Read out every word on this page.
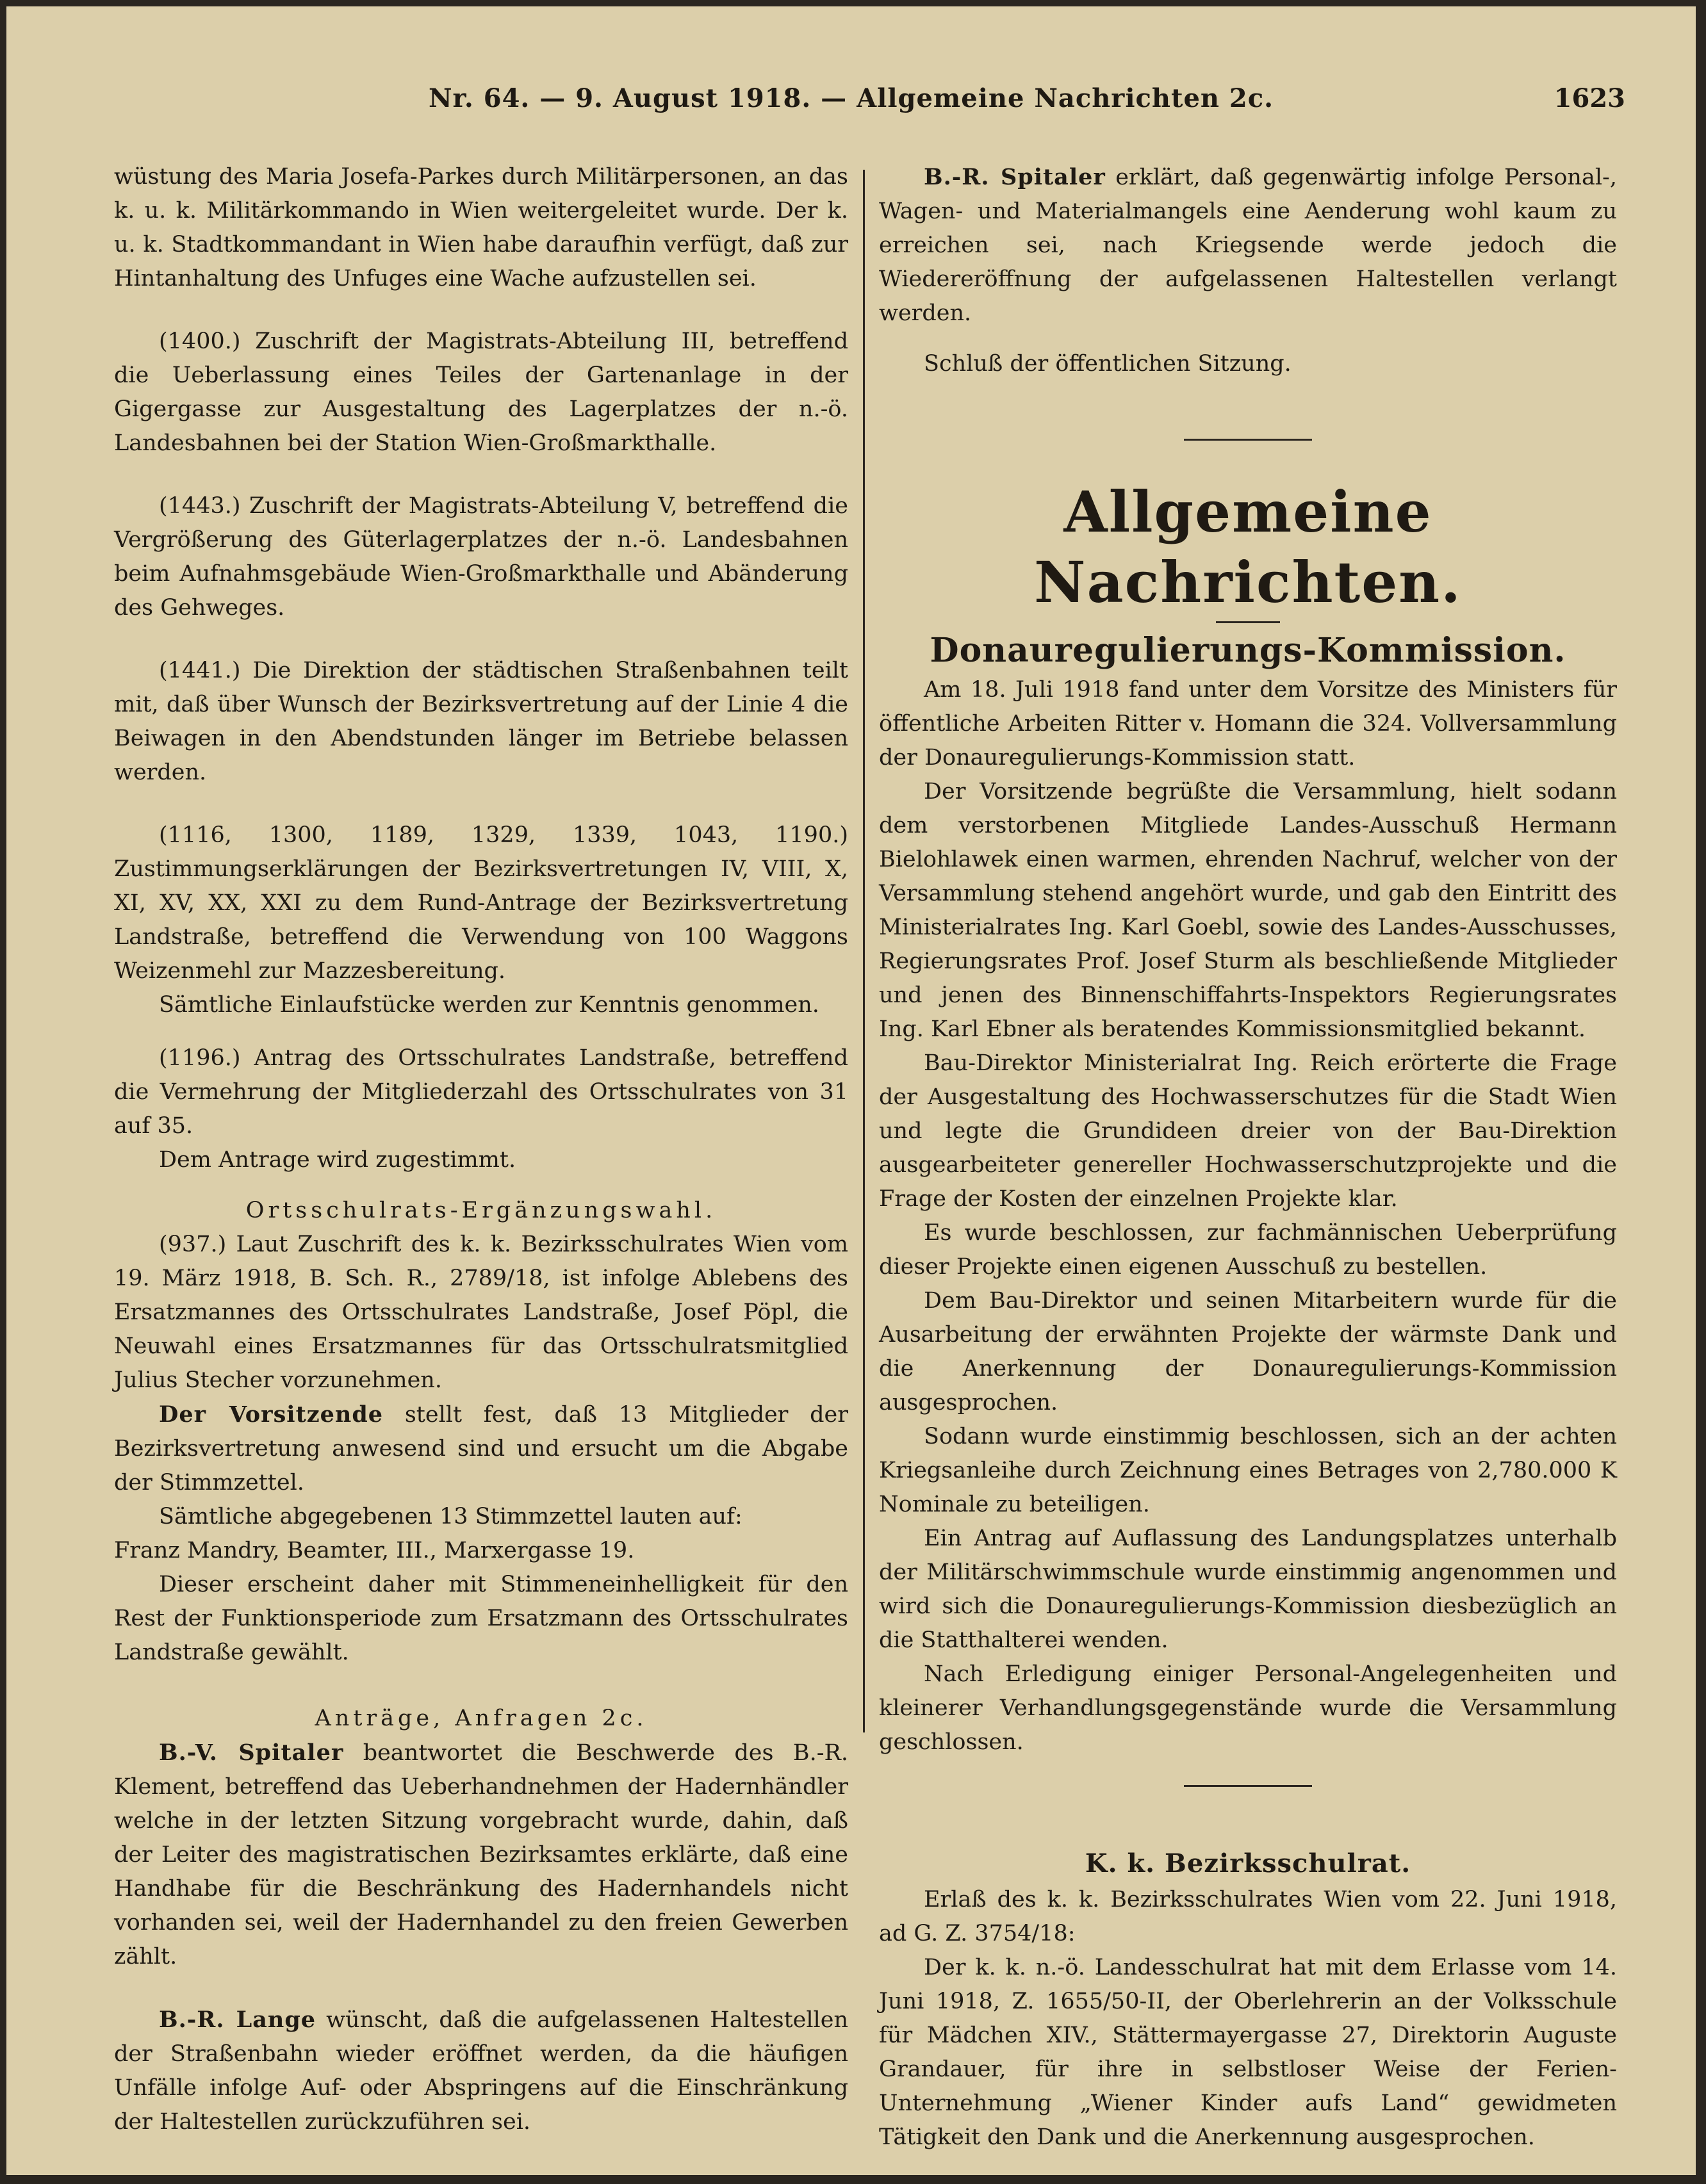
Nr. 64. — 9. August 1918. — Allgemeine Nachrichten 2c.	1623

wüstung des Maria Josefa-Parkes durch Militärpersonen, an das k. u. k. Militärkommando in Wien weitergeleitet wurde. Der k. u. k. Stadtkommandant in Wien habe daraufhin verfügt, daß zur Hintanhaltung des Unfuges eine Wache aufzustellen sei.

(1400.) Zuschrift der Magistrats-Abteilung III, betreffend die Ueberlassung eines Teiles der Gartenanlage in der Gigergasse zur Ausgestaltung des Lagerplatzes der n.-ö. Landesbahnen bei der Station Wien-Großmarkthalle.

(1443.) Zuschrift der Magistrats-Abteilung V, betreffend die Vergrößerung des Güterlagerplatzes der n.-ö. Landesbahnen beim Aufnahmsgebäude Wien-Großmarkthalle und Abänderung des Gehweges.

(1441.) Die Direktion der städtischen Straßenbahnen teilt mit, daß über Wunsch der Bezirksvertretung auf der Linie 4 die Beiwagen in den Abendstunden länger im Betriebe belassen werden.

(1116, 1300, 1189, 1329, 1339, 1043, 1190.) Zustimmungserklärungen der Bezirksvertretungen IV, VIII, X, XI, XV, XX, XXI zu dem Rund-Antrage der Bezirksvertretung Landstraße, betreffend die Verwendung von 100 Waggons Weizenmehl zur Mazzesbereitung.

Sämtliche Einlaufstücke werden zur Kenntnis genommen.

(1196.) Antrag des Ortsschulrates Landstraße, betreffend die Vermehrung der Mitgliederzahl des Ortsschulrates von 31 auf 35.

Dem Antrage wird zugestimmt.

Ortsschulrats-Ergänzungswahl.

(937.) Laut Zuschrift des k. k. Bezirksschulrates Wien vom 19. März 1918, B. Sch. R., 2789/18, ist infolge Ablebens des Ersatzmannes des Ortsschulrates Landstraße, Josef Pöpl, die Neuwahl eines Ersatzmannes für das Ortsschulratsmitglied Julius Stecher vorzunehmen.

Der Vorsitzende stellt fest, daß 13 Mitglieder der Bezirksvertretung anwesend sind und ersucht um die Abgabe der Stimmzettel.

Sämtliche abgegebenen 13 Stimmzettel lauten auf:

Franz Mandry, Beamter, III., Marxergasse 19.

Dieser erscheint daher mit Stimmeneinhelligkeit für den Rest der Funktionsperiode zum Ersatzmann des Ortsschulrates Landstraße gewählt.

Anträge, Anfragen 2c.

B.-V. Spitaler beantwortet die Beschwerde des B.-R. Klement, betreffend das Ueberhandnehmen der Hadernhändler welche in der letzten Sitzung vorgebracht wurde, dahin, daß der Leiter des magistratischen Bezirksamtes erklärte, daß eine Handhabe für die Beschränkung des Hadernhandels nicht vorhanden sei, weil der Hadernhandel zu den freien Gewerben zählt.

B.-R. Lange wünscht, daß die aufgelassenen Haltestellen der Straßenbahn wieder eröffnet werden, da die häufigen Unfälle infolge Auf- oder Abspringens auf die Einschränkung der Haltestellen zurückzuführen sei.

B.-R. Spitaler erklärt, daß gegenwärtig infolge Personal-, Wagen- und Materialmangels eine Aenderung wohl kaum zu erreichen sei, nach Kriegsende werde jedoch die Wiedereröffnung der aufgelassenen Haltestellen verlangt werden.

Schluß der öffentlichen Sitzung.

Allgemeine Nachrichten.
Donauregulierungs-Kommission.

Am 18. Juli 1918 fand unter dem Vorsitze des Ministers für öffentliche Arbeiten Ritter v. Homann die 324. Vollversammlung der Donauregulierungs-Kommission statt.

Der Vorsitzende begrüßte die Versammlung, hielt sodann dem verstorbenen Mitgliede Landes-Ausschuß Hermann Bielohlawek einen warmen, ehrenden Nachruf, welcher von der Versammlung stehend angehört wurde, und gab den Eintritt des Ministerialrates Ing. Karl Goebl, sowie des Landes-Ausschusses, Regierungsrates Prof. Josef Sturm als beschließende Mitglieder und jenen des Binnenschiffahrts-Inspektors Regierungsrates Ing. Karl Ebner als beratendes Kommissionsmitglied bekannt.

Bau-Direktor Ministerialrat Ing. Reich erörterte die Frage der Ausgestaltung des Hochwasserschutzes für die Stadt Wien und legte die Grundideen dreier von der Bau-Direktion ausgearbeiteter genereller Hochwasserschutzprojekte und die Frage der Kosten der einzelnen Projekte klar.

Es wurde beschlossen, zur fachmännischen Ueberprüfung dieser Projekte einen eigenen Ausschuß zu bestellen.

Dem Bau-Direktor und seinen Mitarbeitern wurde für die Ausarbeitung der erwähnten Projekte der wärmste Dank und die Anerkennung der Donauregulierungs-Kommission ausgesprochen.

Sodann wurde einstimmig beschlossen, sich an der achten Kriegsanleihe durch Zeichnung eines Betrages von 2,780.000 K Nominale zu beteiligen.

Ein Antrag auf Auflassung des Landungsplatzes unterhalb der Militärschwimmschule wurde einstimmig angenommen und wird sich die Donauregulierungs-Kommission diesbezüglich an die Statthalterei wenden.

Nach Erledigung einiger Personal-Angelegenheiten und kleinerer Verhandlungsgegenstände wurde die Versammlung geschlossen.

K. k. Bezirksschulrat.

Erlaß des k. k. Bezirksschulrates Wien vom 22. Juni 1918, ad G. Z. 3754/18:

Der k. k. n.-ö. Landesschulrat hat mit dem Erlasse vom 14. Juni 1918, Z. 1655/50-II, der Oberlehrerin an der Volksschule für Mädchen XIV., Stättermayergasse 27, Direktorin Auguste Grandauer, für ihre in selbstloser Weise der Ferien-Unternehmung „Wiener Kinder aufs Land“ gewidmeten Tätigkeit den Dank und die Anerkennung ausgesprochen.
